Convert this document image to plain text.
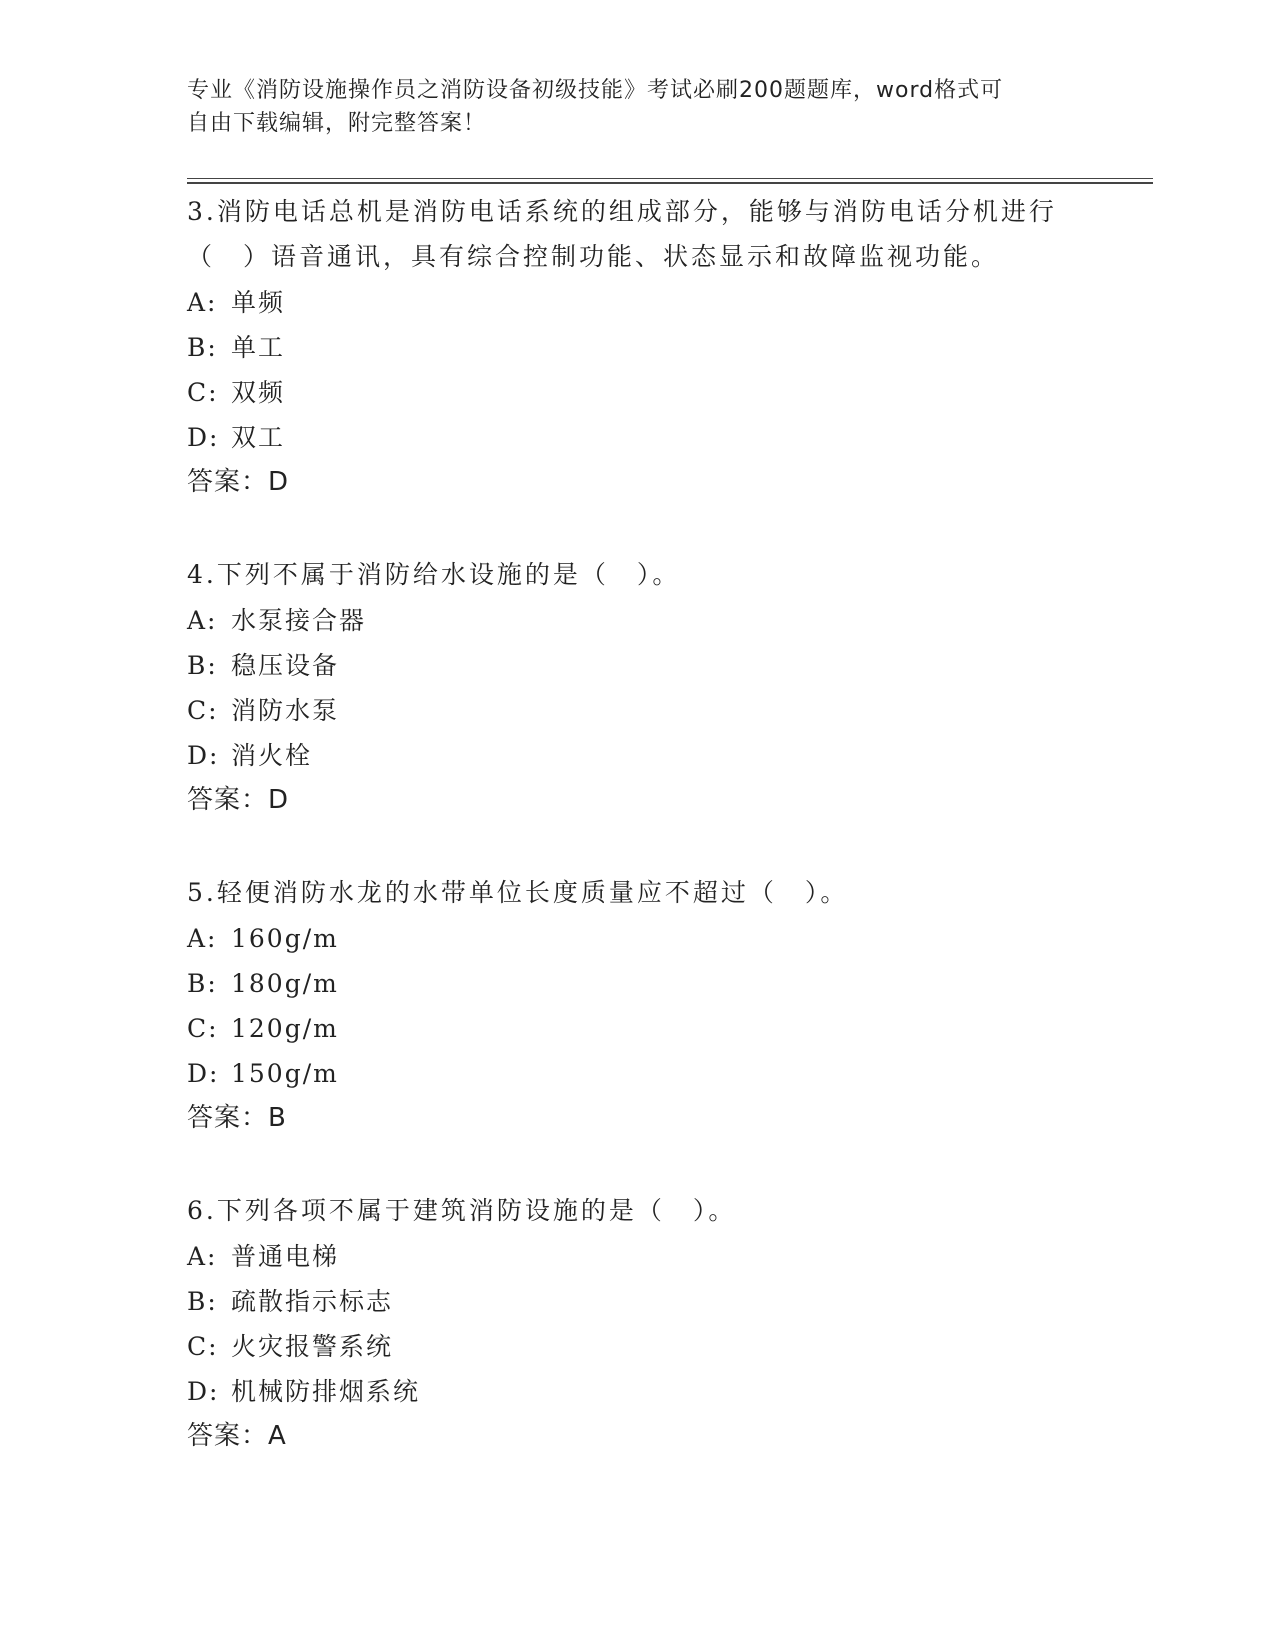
专业《消防设施操作员之消防设备初级技能》考试必刷200题题库，word格式可

自由下载编辑，附完整答案！

3.消防电话总机是消防电话系统的组成部分，能够与消防电话分机进行（　）语音通讯，具有综合控制功能、状态显示和故障监视功能。

A: 单频
B: 单工
C: 双频
D: 双工
答案：D

4.下列不属于消防给水设施的是（　）。

A: 水泵接合器
B: 稳压设备
C: 消防水泵
D: 消火栓
答案：D

5.轻便消防水龙的水带单位长度质量应不超过（　）。

A: 160g/m
B: 180g/m
C: 120g/m
D: 150g/m
答案：B

6.下列各项不属于建筑消防设施的是（　）。

A: 普通电梯
B: 疏散指示标志
C: 火灾报警系统
D: 机械防排烟系统
答案：A
